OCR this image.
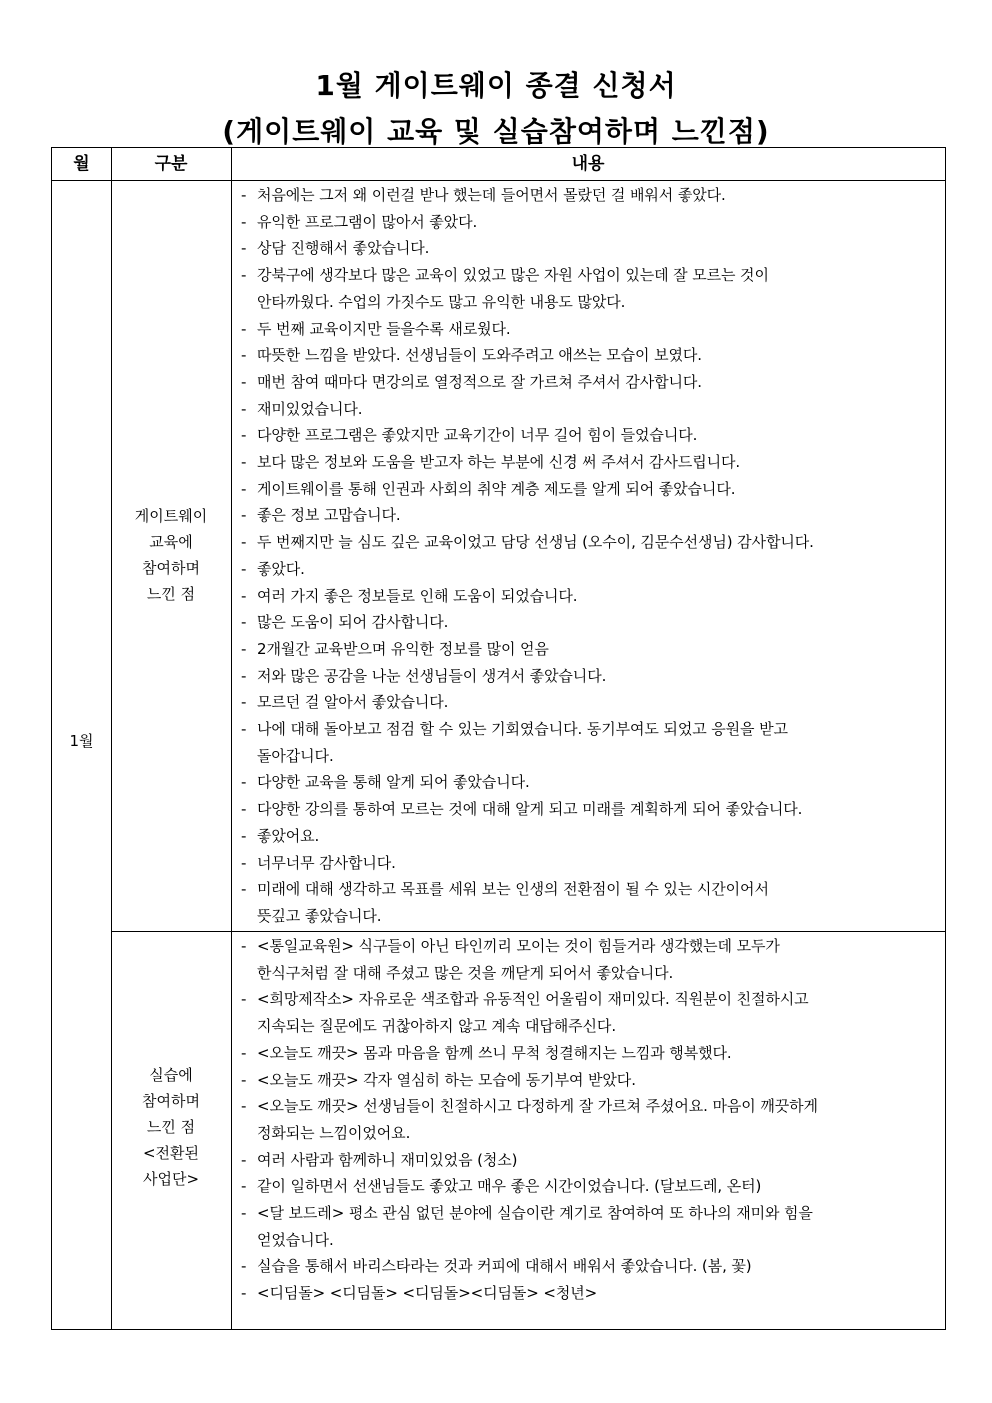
1월 게이트웨이 종결 신청서
(게이트웨이 교육 및 실습참여하며 느낀점)
월	구분	내용
1월
게이트웨이
교육에
참여하며
느낀 점
실습에
참여하며
느낀 점
<전환된
사업단>
- 처음에는 그저 왜 이런걸 받나 했는데 들어면서 몰랐던 걸 배워서 좋았다.
- 유익한 프로그램이 많아서 좋았다.
- 상담 진행해서 좋았습니다.
- 강북구에 생각보다 많은 교육이 있었고 많은 자원 사업이 있는데 잘 모르는 것이
안타까웠다. 수업의 가짓수도 많고 유익한 내용도 많았다.
- 두 번째 교육이지만 들을수록 새로웠다.
- 따뜻한 느낌을 받았다. 선생님들이 도와주려고 애쓰는 모습이 보였다.
- 매번 참여 때마다 면강의로 열정적으로 잘 가르쳐 주셔서 감사합니다.
- 재미있었습니다.
- 다양한 프로그램은 좋았지만 교육기간이 너무 길어 힘이 들었습니다.
- 보다 많은 정보와 도움을 받고자 하는 부분에 신경 써 주셔서 감사드립니다.
- 게이트웨이를 통해 인권과 사회의 취약 계층 제도를 알게 되어 좋았습니다.
- 좋은 정보 고맙습니다.
- 두 번째지만 늘 심도 깊은 교육이었고 담당 선생님 (오수이, 김문수선생님) 감사합니다.
- 좋았다.
- 여러 가지 좋은 정보들로 인해 도움이 되었습니다.
- 많은 도움이 되어 감사합니다.
- 2개월간 교육받으며 유익한 정보를 많이 얻음
- 저와 많은 공감을 나눈 선생님들이 생겨서 좋았습니다.
- 모르던 걸 알아서 좋았습니다.
- 나에 대해 돌아보고 점검 할 수 있는 기회였습니다. 동기부여도 되었고 응원을 받고
돌아갑니다.
- 다양한 교육을 통해 알게 되어 좋았습니다.
- 다양한 강의를 통하여 모르는 것에 대해 알게 되고 미래를 계획하게 되어 좋았습니다.
- 좋았어요.
- 너무너무 감사합니다.
- 미래에 대해 생각하고 목표를 세워 보는 인생의 전환점이 될 수 있는 시간이어서
뜻깊고 좋았습니다.
- <통일교육원> 식구들이 아닌 타인끼리 모이는 것이 힘들거라 생각했는데 모두가
한식구처럼 잘 대해 주셨고 많은 것을 깨닫게 되어서 좋았습니다.
- <희망제작소> 자유로운 색조합과 유동적인 어울림이 재미있다. 직원분이 친절하시고
지속되는 질문에도 귀찮아하지 않고 계속 대답해주신다.
- <오늘도 깨끗> 몸과 마음을 함께 쓰니 무척 청결해지는 느낌과 행복했다.
- <오늘도 깨끗> 각자 열심히 하는 모습에 동기부여 받았다.
- <오늘도 깨끗> 선생님들이 친절하시고 다정하게 잘 가르쳐 주셨어요. 마음이 깨끗하게
정화되는 느낌이었어요.
- 여러 사람과 함께하니 재미있었음 (청소)
- 같이 일하면서 선샌님들도 좋았고 매우 좋은 시간이었습니다. (달보드레, 온터)
- <달 보드레> 평소 관심 없던 분야에 실습이란 계기로 참여하여 또 하나의 재미와 힘을
얻었습니다.
- 실습을 통해서 바리스타라는 것과 커피에 대해서 배워서 좋았습니다. (봄, 꽃)
- <디딤돌> <디딤돌> <디딤돌><디딤돌> <청년>
